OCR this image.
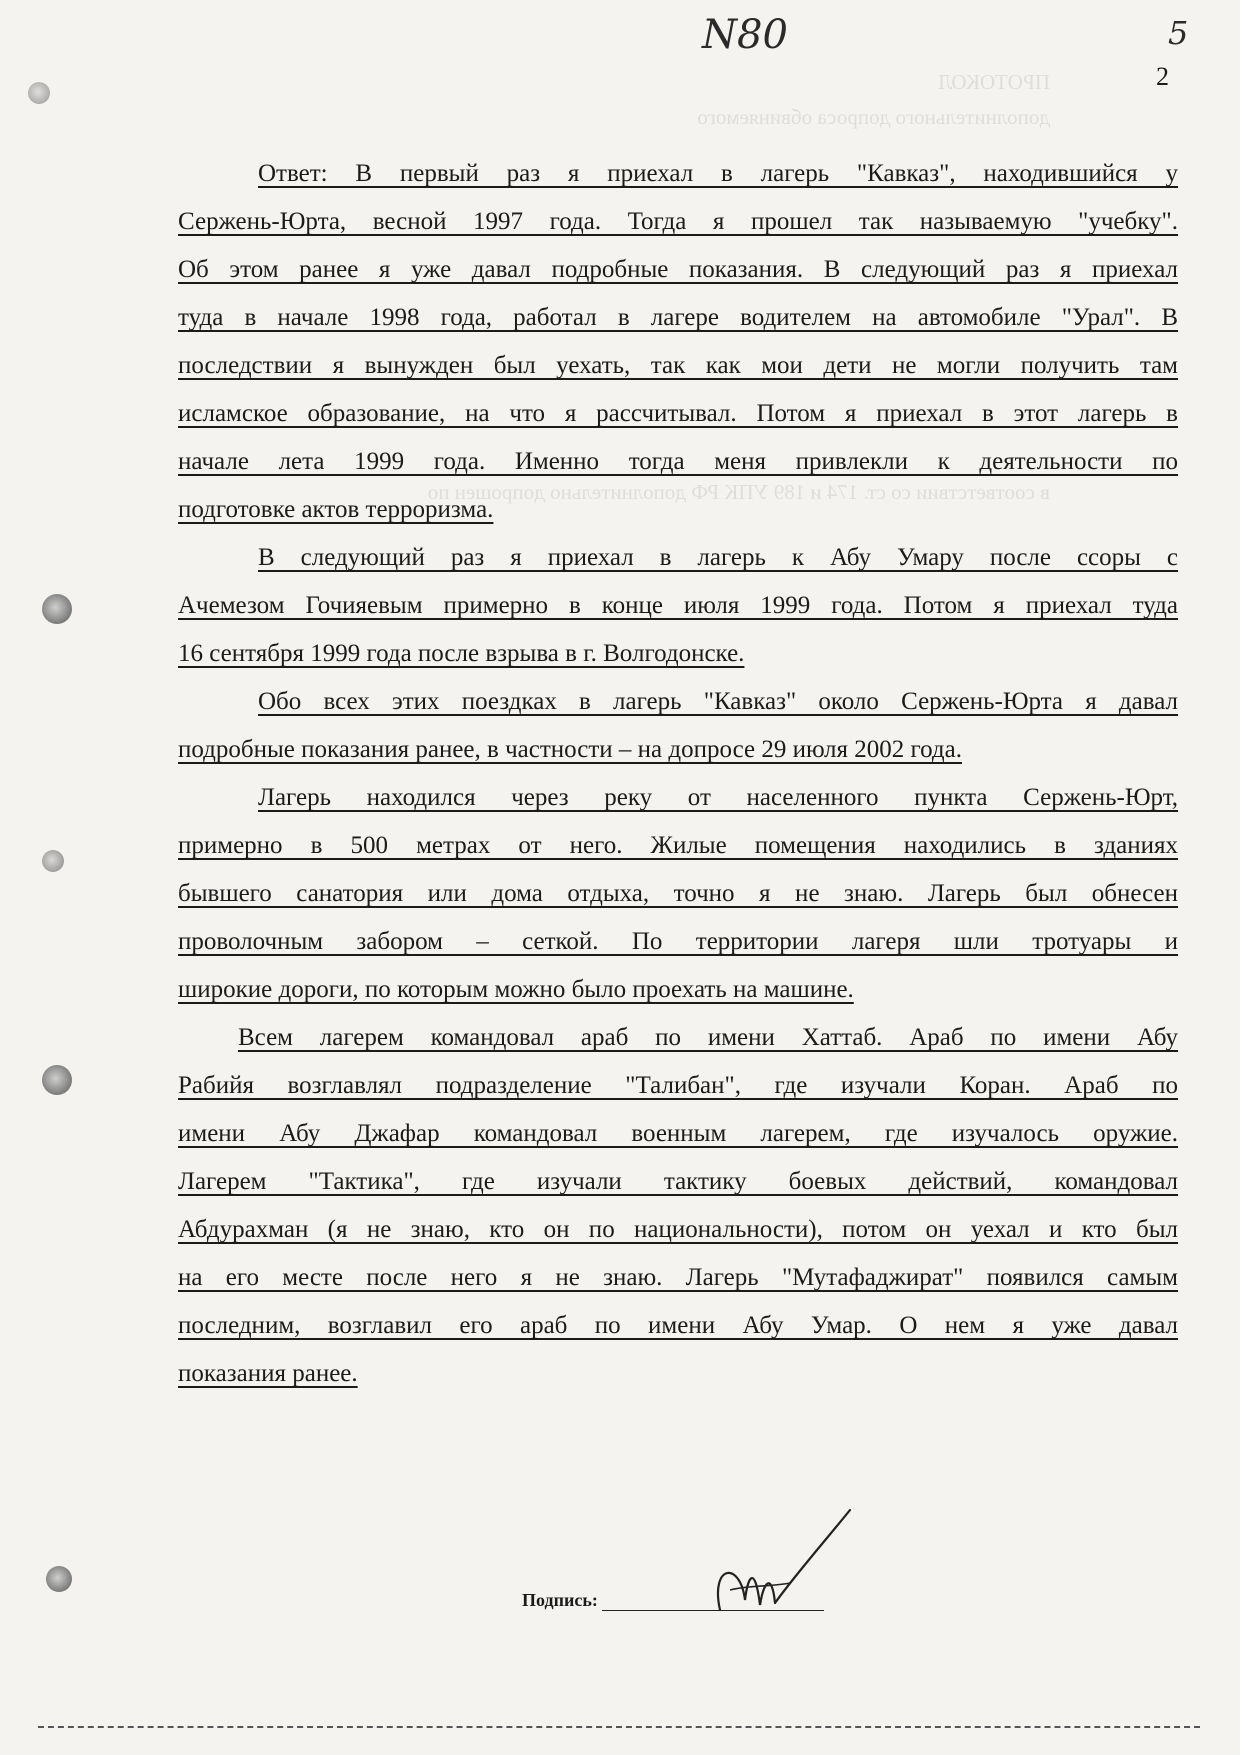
ПРОТОКОЛ
дополнительного допроса обвиняемого
в соответствии со ст. 174 и 189 УПК РФ дополнительно допрошен по
N80	5
2
Ответ: В первый раз я приехал в лагерь "Кавказ", находившийся у
Сержень-Юрта, весной 1997 года. Тогда я прошел так называемую "учебку".
Об этом ранее я уже давал подробные показания. В следующий раз я приехал
туда в начале 1998 года, работал в лагере водителем на автомобиле "Урал". В
последствии я вынужден был уехать, так как мои дети не могли получить там
исламское образование, на что я рассчитывал. Потом я приехал в этот лагерь в
начале лета 1999 года. Именно тогда меня привлекли к деятельности по
подготовке актов терроризма.
В следующий раз я приехал в лагерь к Абу Умару после ссоры с
Ачемезом Гочияевым примерно в конце июля 1999 года. Потом я приехал туда
16 сентября 1999 года после взрыва в г. Волгодонске.
Обо всех этих поездках в лагерь "Кавказ" около Сержень-Юрта я давал
подробные показания ранее, в частности – на допросе 29 июля 2002 года.
Лагерь находился через реку от населенного пункта Сержень-Юрт,
примерно в 500 метрах от него. Жилые помещения находились в зданиях
бывшего санатория или дома отдыха, точно я не знаю. Лагерь был обнесен
проволочным забором – сеткой. По территории лагеря шли тротуары и
широкие дороги, по которым можно было проехать на машине.
Всем лагерем командовал араб по имени Хаттаб. Араб по имени Абу
Рабийя возглавлял подразделение "Талибан", где изучали Коран. Араб по
имени Абу Джафар командовал военным лагерем, где изучалось оружие.
Лагерем "Тактика", где изучали тактику боевых действий, командовал
Абдурахман (я не знаю, кто он по национальности), потом он уехал и кто был
на его месте после него я не знаю. Лагерь "Мутафаджират" появился самым
последним, возглавил его араб по имени Абу Умар. О нем я уже давал
показания ранее.
Подпись:
